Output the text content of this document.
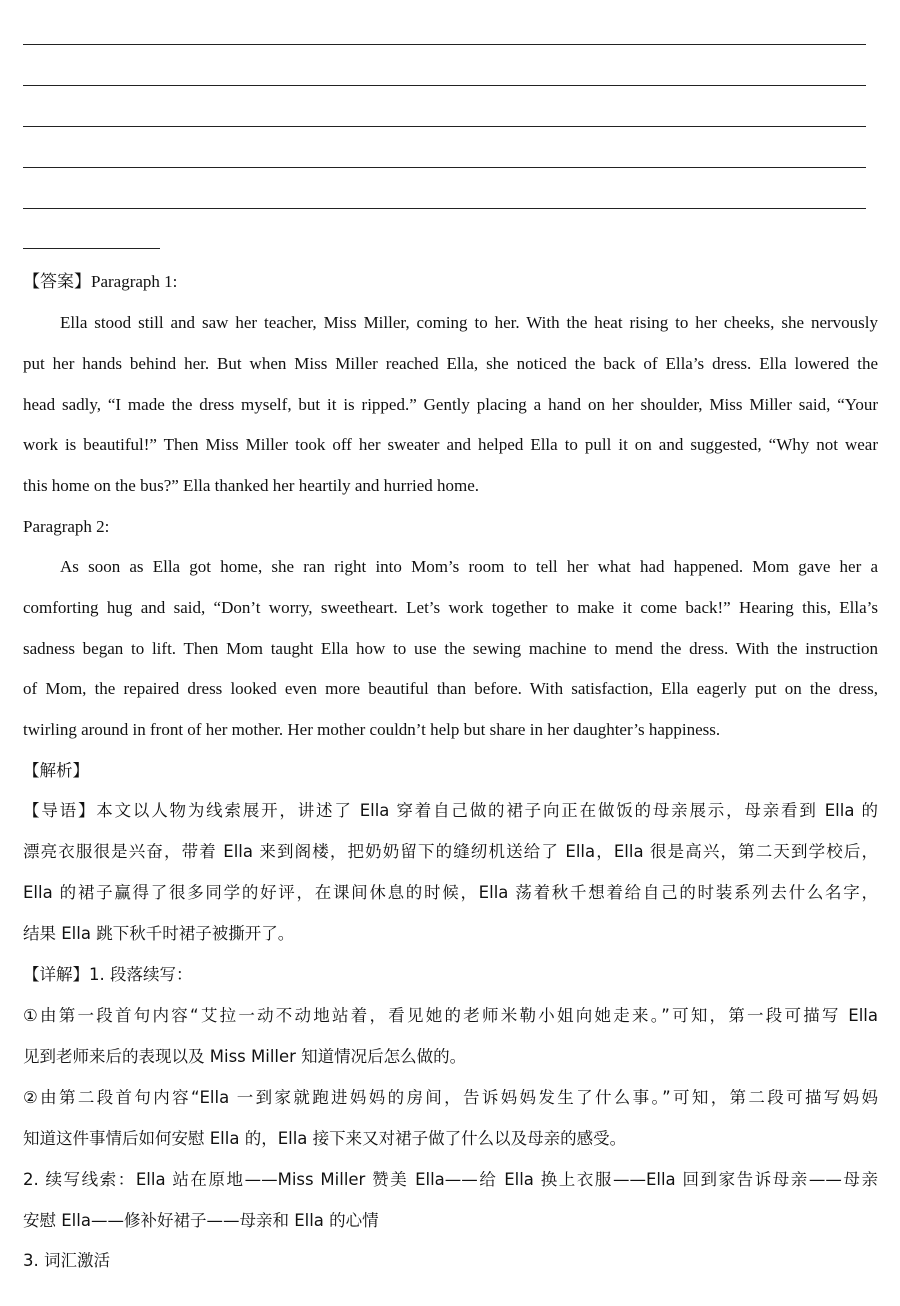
【答案】Paragraph 1:
Ella stood still and saw her teacher, Miss Miller, coming to her. With the heat rising to her cheeks, she nervously
put her hands behind her. But when Miss Miller reached Ella, she noticed the back of Ella’s dress. Ella lowered the
head sadly, “I made the dress myself, but it is ripped.” Gently placing a hand on her shoulder, Miss Miller said, “Your
work is beautiful!” Then Miss Miller took off her sweater and helped Ella to pull it on and suggested, “Why not wear
this home on the bus?” Ella thanked her heartily and hurried home.
Paragraph 2:
As soon as Ella got home, she ran right into Mom’s room to tell her what had happened. Mom gave her a
comforting hug and said, “Don’t worry, sweetheart. Let’s work together to make it come back!” Hearing this, Ella’s
sadness began to lift. Then Mom taught Ella how to use the sewing machine to mend the dress. With the instruction
of Mom, the repaired dress looked even more beautiful than before. With satisfaction, Ella eagerly put on the dress,
twirling around in front of her mother. Her mother couldn’t help but share in her daughter’s happiness.
【解析】
【导语】本文以人物为线索展开，讲述了 Ella 穿着自己做的裙子向正在做饭的母亲展示，母亲看到 Ella 的
漂亮衣服很是兴奋，带着 Ella 来到阁楼，把奶奶留下的缝纫机送给了 Ella，Ella 很是高兴，第二天到学校后，
Ella 的裙子赢得了很多同学的好评，在课间休息的时候，Ella 荡着秋千想着给自己的时装系列去什么名字，
结果 Ella 跳下秋千时裙子被撕开了。
【详解】1. 段落续写：
①由第一段首句内容“艾拉一动不动地站着，看见她的老师米勒小姐向她走来。”可知，第一段可描写 Ella
见到老师来后的表现以及 Miss Miller 知道情况后怎么做的。
②由第二段首句内容“Ella 一到家就跑进妈妈的房间，告诉妈妈发生了什么事。”可知，第二段可描写妈妈
知道这件事情后如何安慰 Ella 的，Ella 接下来又对裙子做了什么以及母亲的感受。
2. 续写线索：Ella 站在原地——Miss Miller 赞美 Ella——给 Ella 换上衣服——Ella 回到家告诉母亲——母亲
安慰 Ella——修补好裙子——母亲和 Ella 的心情
3. 词汇激活
